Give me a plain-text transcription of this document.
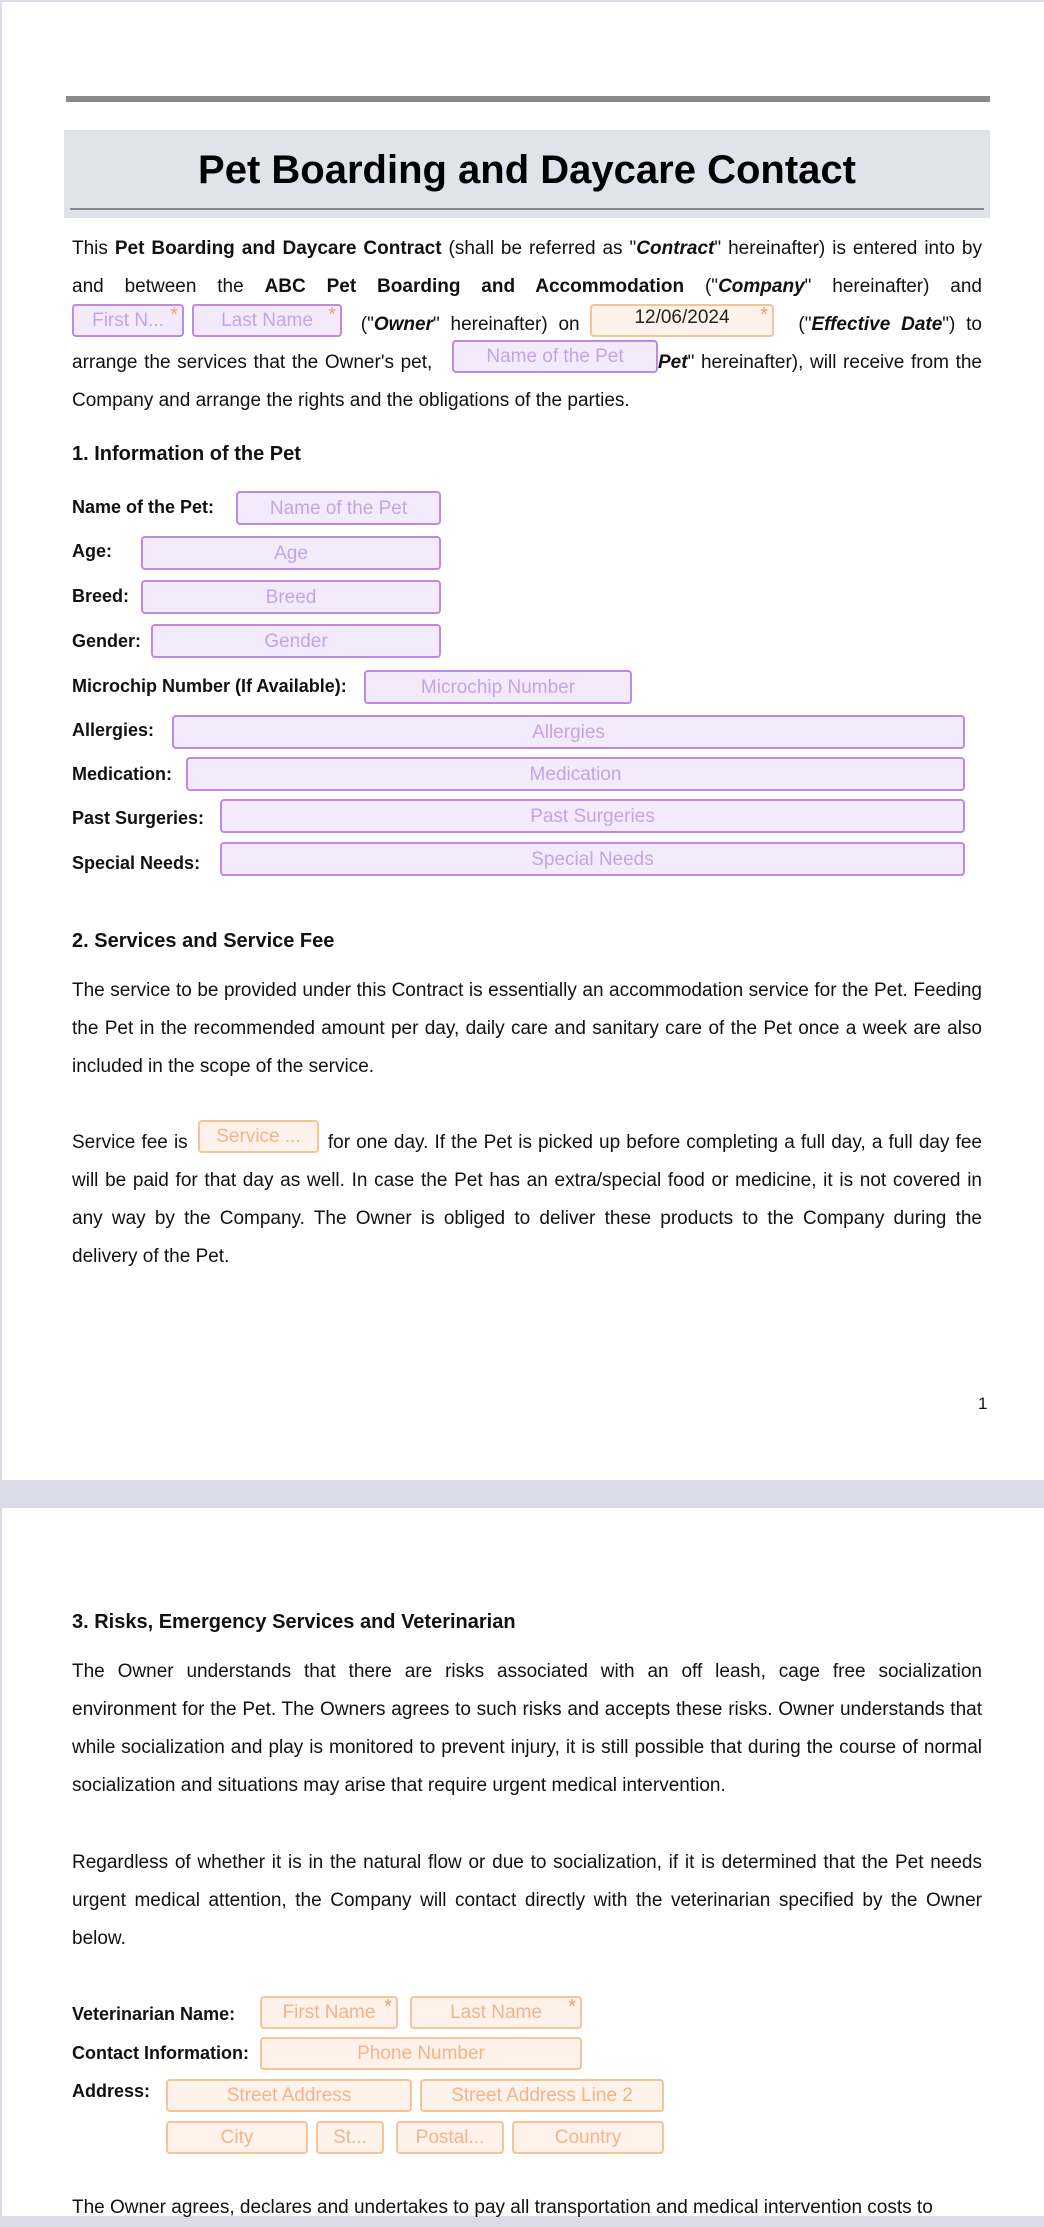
Pet Boarding and Daycare Contact
This Pet Boarding and Daycare Contract (shall be referred as "Contract" hereinafter) is entered into by and between the ABC Pet Boarding and Accommodation ("Company" hereinafter) and ("Owner" hereinafter) on	("Effective Date") to arrange the services that the Owner's pet,	Pet" hereinafter), will receive from the Company and arrange the rights and the obligations of the parties.
First N... * Last Name *	12/06/2024 *
Name of the Pet
1. Information of the Pet
Name of the Pet:	Name of the Pet
Age:	Age
Breed:	Breed
Gender:	Gender
Microchip Number (If Available):	Microchip Number
Allergies:	Allergies
Medication:	Medication
Past Surgeries:	Past Surgeries
Special Needs:	Special Needs
2. Services and Service Fee
The service to be provided under this Contract is essentially an accommodation service for the Pet. Feeding the Pet in the recommended amount per day, daily care and sanitary care of the Pet once a week are also included in the scope of the service.
Service fee is	for one day. If the Pet is picked up before completing a full day, a full day fee will be paid for that day as well. In case the Pet has an extra/special food or medicine, it is not covered in any way by the Company. The Owner is obliged to deliver these products to the Company during the delivery of the Pet.
Service ...
1
3. Risks, Emergency Services and Veterinarian
The Owner understands that there are risks associated with an off leash, cage free socialization environment for the Pet. The Owners agrees to such risks and accepts these risks. Owner understands that while socialization and play is monitored to prevent injury, it is still possible that during the course of normal socialization and situations may arise that require urgent medical intervention.
Regardless of whether it is in the natural flow or due to socialization, if it is determined that the Pet needs urgent medical attention, the Company will contact directly with the veterinarian specified by the Owner below.
Veterinarian Name: First Name *	Last Name *
Contact Information:	Phone Number
Address:	Street Address	Street Address Line 2
City	St...	Postal...	Country
The Owner agrees, declares and undertakes to pay all transportation and medical intervention costs to
